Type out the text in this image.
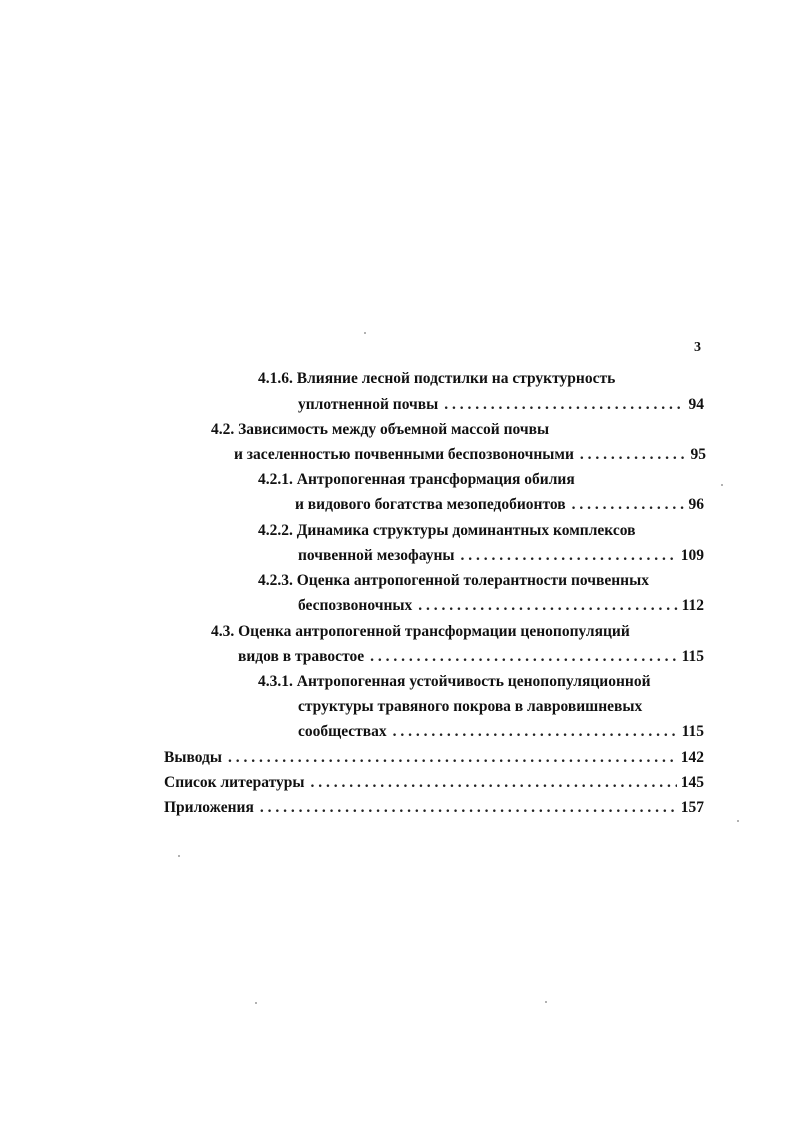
3
4.1.6. Влияние лесной подстилки на структурность
уплотненной почвы . . .	94
4.2. Зависимость между объемной массой почвы
и заселенностью почвенными беспозвоночными . . .	95
4.2.1. Антропогенная трансформация обилия
и видового богатства мезопедобионтов . . .	96
4.2.2. Динамика структуры доминантных комплексов
почвенной мезофауны . . .	109
4.2.3. Оценка антропогенной толерантности почвенных
беспозвоночных . . .	112
4.3. Оценка антропогенной трансформации ценопопуляций
видов в травостое . . .	115
4.3.1. Антропогенная устойчивость ценопопуляционной
структуры травяного покрова в лавровишневых
сообществах . . .	115
Выводы . . .	142
Список литературы . . .	145
Приложения . . .	157
